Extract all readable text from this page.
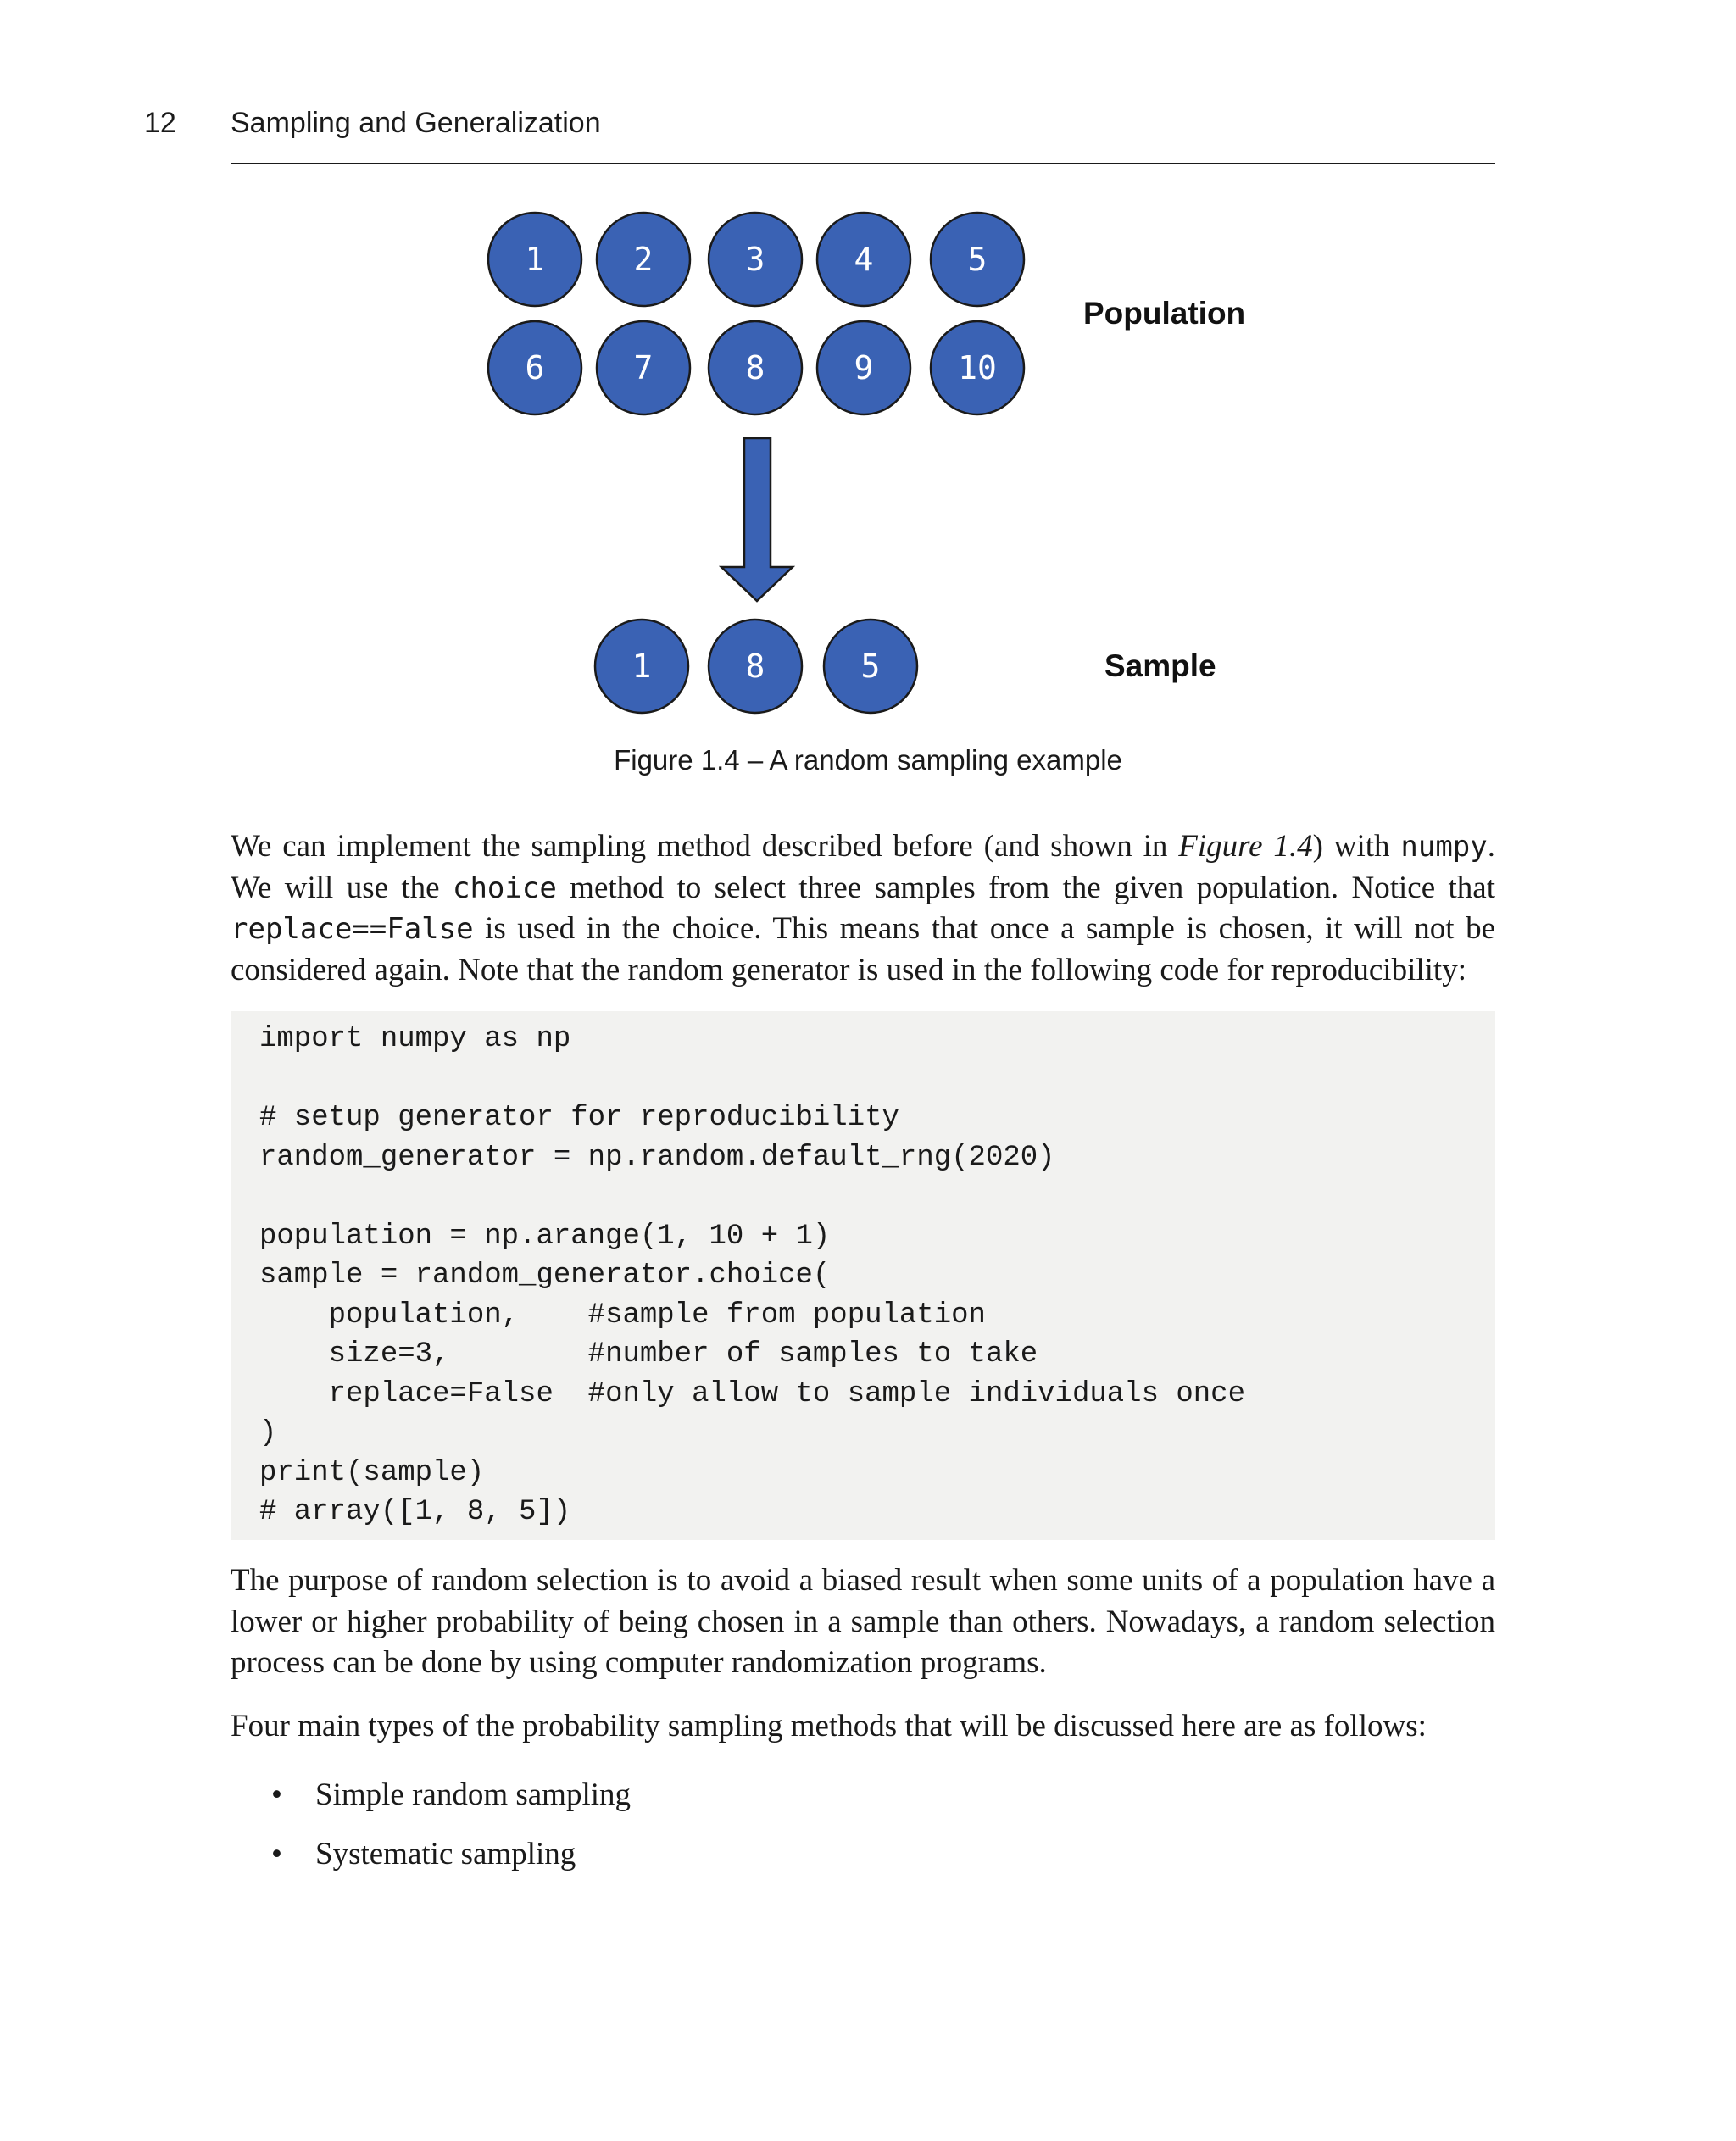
12 Sampling and Generalization
1	2	3	4	5
6	7	8	9	10
1	8	5
Population
Sample
Figure 1.4 – A random sampling example
We can implement the sampling method described before (and shown in Figure 1.4) with numpy. We will use the choice method to select three samples from the given population. Notice that replace==False is used in the choice. This means that once a sample is chosen, it will not be considered again. Note that the random generator is used in the following code for reproducibility:
import numpy as np

# setup generator for reproducibility
random_generator = np.random.default_rng(2020)

population = np.arange(1, 10 + 1)
sample = random_generator.choice(
population,    #sample from population
size=3,        #number of samples to take
replace=False  #only allow to sample individuals once
)
print(sample)
# array([1, 8, 5])
The purpose of random selection is to avoid a biased result when some units of a population have a lower or higher probability of being chosen in a sample than others. Nowadays, a random selection process can be done by using computer randomization programs.
Four main types of the probability sampling methods that will be discussed here are as follows:
•	Simple random sampling
•	Systematic sampling
